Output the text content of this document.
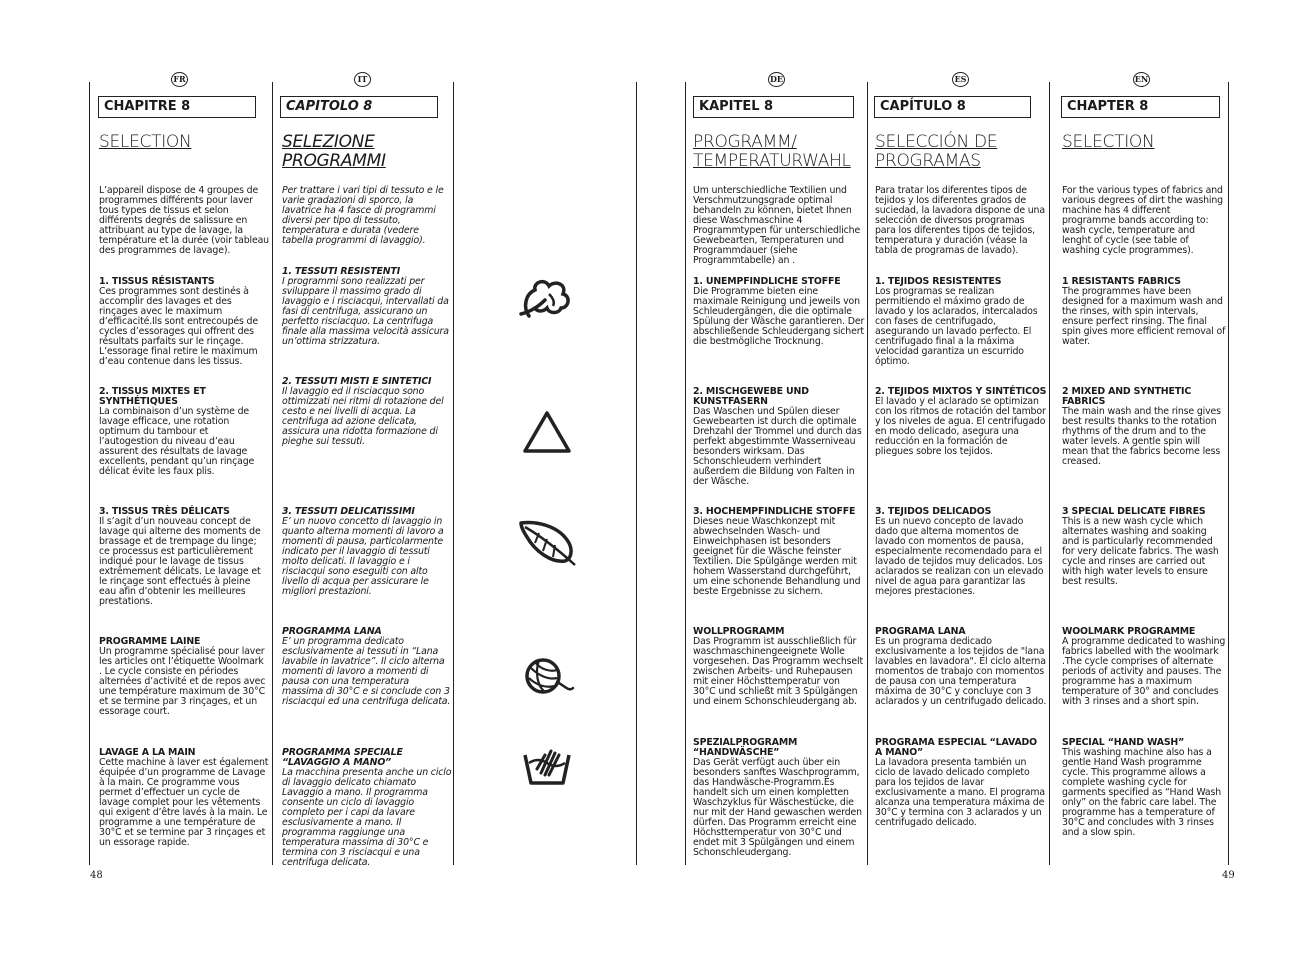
FR
CHAPITRE 8
SELECTION
L’appareil dispose de 4 groupes de programmes différents pour laver tous types de tissus et selon différents degrés de salissure en attribuant au type de lavage, la température et la durée (voir tableau des programmes de lavage).
1. TISSUS RÉSISTANTS
Ces programmes sont destinés à accomplir des lavages et des rinçages avec le maximum d’efficacité.Ils sont entrecoupés de cycles d’essorages qui offrent des résultats parfaits sur le rinçage. L’essorage final retire le maximum d’eau contenue dans les tissus.
2. TISSUS MIXTES ET SYNTHÉTIQUES
La combinaison d’un système de lavage efficace, une rotation optimum du tambour et l’autogestion du niveau d’eau assurent des résultats de lavage excellents, pendant qu’un rinçage délicat évite les faux plis.
3. TISSUS TRÈS DÉLICATS
Il s’agit d’un nouveau concept de lavage qui alterne des moments de brassage et de trempage du linge; ce processus est particulièrement indiqué pour le lavage de tissus extrêmement délicats. Le lavage et le rinçage sont effectués à pleine eau afin d’obtenir les meilleures prestations.
PROGRAMME LAINE
Un programme spécialisé pour laver les articles ont l’étiquette Woolmark . Le cycle consiste en périodes alternées d’activité et de repos avec une température maximum de 30°C et se termine par 3 rinçages, et un essorage court.
LAVAGE A LA MAIN
Cette machine à laver est également équipée d’un programme de Lavage à la main. Ce programme vous permet d’effectuer un cycle de lavage complet pour les vêtements qui exigent d’être lavés à la main. Le programme a une température de 30°C et se termine par 3 rinçages et un essorage rapide.
48
IT
CAPITOLO 8
SELEZIONE
PROGRAMMI
Per trattare i vari tipi di tessuto e le varie gradazioni di sporco, la lavatrice ha 4 fasce di programmi diversi per tipo di tessuto, temperatura e durata (vedere tabella programmi di lavaggio).
1. TESSUTI RESISTENTI
I programmi sono realizzati per sviluppare il massimo grado di lavaggio e i risciacqui, intervallati da fasi di centrifuga, assicurano un perfetto risciacquo. La centrifuga finale alla massima velocità assicura un’ottima strizzatura.
2. TESSUTI MISTI E SINTETICI
Il lavaggio ed il risciacquo sono ottimizzati nei ritmi di rotazione del cesto e nei livelli di acqua. La centrifuga ad azione delicata, assicura una ridotta formazione di pieghe sui tessuti.
3. TESSUTI DELICATISSIMI
E’ un nuovo concetto di lavaggio in quanto alterna momenti di lavoro a momenti di pausa, particolarmente indicato per il lavaggio di tessuti molto delicati. Il lavaggio e i risciacqui sono eseguiti con alto livello di acqua per assicurare le migliori prestazioni.
PROGRAMMA LANA
E’ un programma dedicato esclusivamente ai tessuti in “Lana lavabile in lavatrice”. Il ciclo alterna momenti di lavoro a momenti di pausa con una temperatura massima di 30°C e si conclude con 3 risciacqui ed una centrifuga delicata.
PROGRAMMA SPECIALE “LAVAGGIO A MANO”
La macchina presenta anche un ciclo di lavaggio delicato chiamato Lavaggio a mano. Il programma consente un ciclo di lavaggio completo per i capi da lavare esclusivamente a mano. Il programma raggiunge una temperatura massima di 30°C e termina con 3 risciacqui e una centrifuga delicata.
DE
KAPITEL 8
PROGRAMM/
TEMPERATURWAHL
Um unterschiedliche Textilien und Verschmutzungsgrade optimal behandeln zu können, bietet Ihnen diese Waschmaschine 4 Programmtypen für unterschiedliche Gewebearten, Temperaturen und Programmdauer (siehe Programmtabelle) an .
1. UNEMPFINDLICHE STOFFE
Die Programme bieten eine maximale Reinigung und jeweils von Schleudergängen, die die optimale Spülung der Wäsche garantieren. Der abschließende Schleudergang sichert die bestmögliche Trocknung.
2. MISCHGEWEBE UND KUNSTFASERN
Das Waschen und Spülen dieser Gewebearten ist durch die optimale Drehzahl der Trommel und durch das perfekt abgestimmte Wasserniveau besonders wirksam. Das Schonschleudern verhindert außerdem die Bildung von Falten in der Wäsche.
3. HOCHEMPFINDLICHE STOFFE
Dieses neue Waschkonzept mit abwechselnden Wasch- und Einweichphasen ist besonders geeignet für die Wäsche feinster Textilien. Die Spülgänge werden mit hohem Wasserstand durchgeführt, um eine schonende Behandlung und beste Ergebnisse zu sichern.
WOLLPROGRAMM
Das Programm ist ausschließlich für waschmaschinengeeignete Wolle vorgesehen. Das Programm wechselt zwischen Arbeits- und Ruhepausen mit einer Höchsttemperatur von 30°C und schließt mit 3 Spülgängen und einem Schonschleudergang ab.
SPEZIALPROGRAMM “HANDWÄSCHE”
Das Gerät verfügt auch über ein besonders sanftes Waschprogramm, das Handwäsche-Programm.Es handelt sich um einen kompletten Waschzyklus für Wäschestücke, die nur mit der Hand gewaschen werden dürfen. Das Programm erreicht eine Höchsttemperatur von 30°C und endet mit 3 Spülgängen und einem Schonschleudergang.
ES
CAPÍTULO 8
SELECCIÓN DE
PROGRAMAS
Para tratar los diferentes tipos de tejidos y los diferentes grados de suciedad, la lavadora dispone de una selección de diversos programas para los diferentes tipos de tejidos, temperatura y duración (véase la tabla de programas de lavado).
1. TEJIDOS RESISTENTES
Los programas se realizan permitiendo el máximo grado de lavado y los aclarados, intercalados con fases de centrifugado, asegurando un lavado perfecto. El centrifugado final a la máxima velocidad garantiza un escurrido óptimo.
2. TEJIDOS MIXTOS Y SINTÉTICOS
El lavado y el aclarado se optimizan con los ritmos de rotación del tambor y los niveles de agua. El centrifugado en modo delicado, asegura una reducción en la formación de pliegues sobre los tejidos.
3. TEJIDOS DELICADOS
Es un nuevo concepto de lavado dado que alterna momentos de lavado con momentos de pausa, especialmente recomendado para el lavado de tejidos muy delicados. Los aclarados se realizan con un elevado nivel de agua para garantizar las mejores prestaciones.
PROGRAMA LANA
Es un programa dedicado exclusivamente a los tejidos de "lana lavables en lavadora". El ciclo alterna momentos de trabajo con momentos de pausa con una temperatura máxima de 30°C y concluye con 3 aclarados y un centrifugado delicado.
PROGRAMA ESPECIAL “LAVADO A MANO”
La lavadora presenta también un ciclo de lavado delicado completo para los tejidos de lavar exclusivamente a mano. El programa alcanza una temperatura máxima de 30°C y termina con 3 aclarados y un centrifugado delicado.
EN
CHAPTER 8
SELECTION
For the various types of fabrics and various degrees of dirt the washing machine has 4 different programme bands according to: wash cycle, temperature and lenght of cycle (see table of washing cycle programmes).
1 RESISTANTS FABRICS
The programmes have been designed for a maximum wash and the rinses, with spin intervals, ensure perfect rinsing. The final spin gives more efficient removal of water.
2 MIXED AND SYNTHETIC FABRICS
The main wash and the rinse gives best results thanks to the rotation rhythms of the drum and to the water levels. A gentle spin will mean that the fabrics become less creased.
3 SPECIAL DELICATE FIBRES
This is a new wash cycle which alternates washing and soaking and is particularly recommended for very delicate fabrics. The wash cycle and rinses are carried out with high water levels to ensure best results.
WOOLMARK PROGRAMME
A programme dedicated to washing fabrics labelled with the woolmark .The cycle comprises of alternate periods of activity and pauses. The programme has a maximum temperature of 30° and concludes with 3 rinses and a short spin.
SPECIAL “HAND WASH”
This washing machine also has a gentle Hand Wash programme cycle. This programme allows a complete washing cycle for garments specified as “Hand Wash only” on the fabric care label. The programme has a temperature of 30°C and concludes with 3 rinses and a slow spin.
49
